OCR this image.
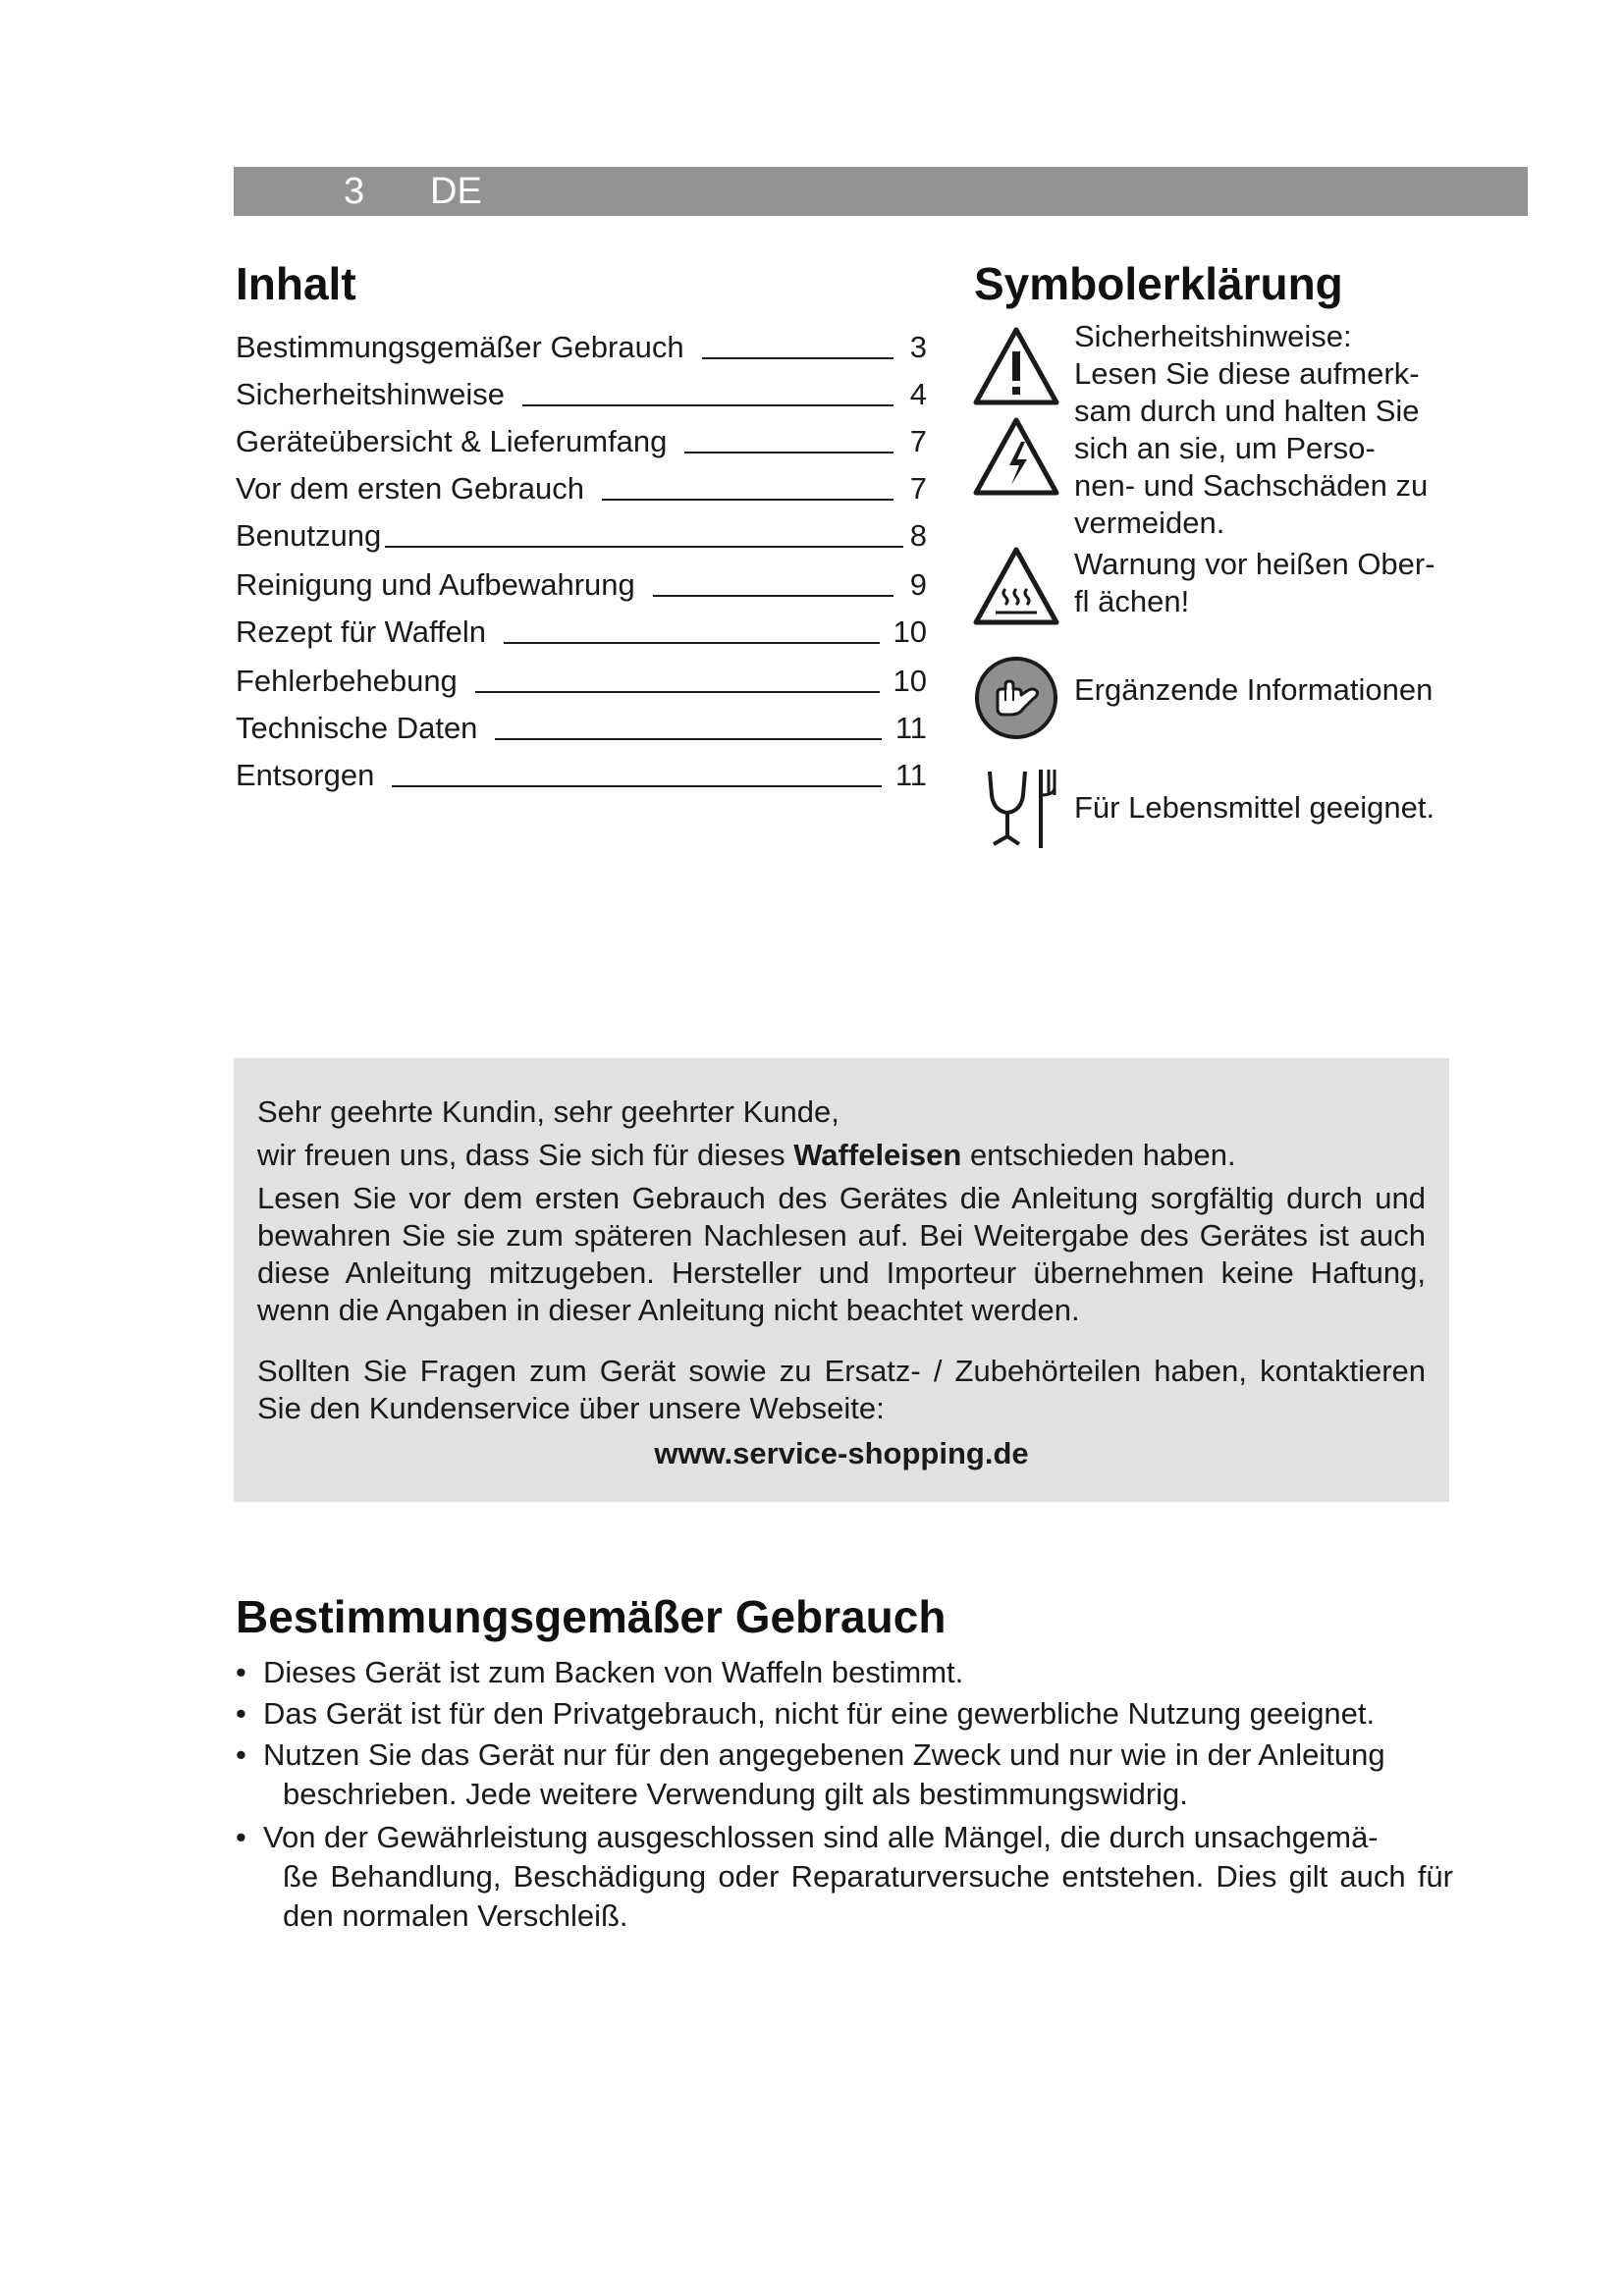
3 DE
Inhalt
Bestimmungsgemäßer Gebrauch	3
Sicherheitshinweise	4
Geräteübersicht & Lieferumfang	7
Vor dem ersten Gebrauch	7
Benutzung	8
Reinigung und Aufbewahrung	9
Rezept für Waffeln	10
Fehlerbehebung	10
Technische Daten	11
Entsorgen	11
Symbolerklärung
Sicherheitshinweise:
Lesen Sie diese aufmerk-
sam durch und halten Sie
sich an sie, um Perso-
nen- und Sachschäden zu
vermeiden.
Warnung vor heißen Ober-
fl ächen!
Ergänzende Informationen
Für Lebensmittel geeignet.

Sehr geehrte Kundin, sehr geehrter Kunde,

wir freuen uns, dass Sie sich für dieses Waffeleisen entschieden haben.

Lesen Sie vor dem ersten Gebrauch des Gerätes die Anleitung sorgfältig durch und bewahren Sie sie zum späteren Nachlesen auf. Bei Weitergabe des Gerätes ist auch diese Anleitung mitzugeben. Hersteller und Importeur übernehmen keine Haftung, wenn die Angaben in dieser Anleitung nicht beachtet werden.

Sollten Sie Fragen zum Gerät sowie zu Ersatz- / Zubehörteilen haben, kontaktieren Sie den Kundenservice über unsere Webseite:

www.service-shopping.de

Bestimmungsgemäßer Gebrauch
• Dieses Gerät ist zum Backen von Waffeln bestimmt.
• Das Gerät ist für den Privatgebrauch, nicht für eine gewerbliche Nutzung geeignet.
• Nutzen Sie das Gerät nur für den angegebenen Zweck und nur wie in der Anleitung
beschrieben. Jede weitere Verwendung gilt als bestimmungswidrig.
• Von der Gewährleistung ausgeschlossen sind alle Mängel, die durch unsachgemä-
ße Behandlung, Beschädigung oder Reparaturversuche entstehen. Dies gilt auch für den normalen Verschleiß.
